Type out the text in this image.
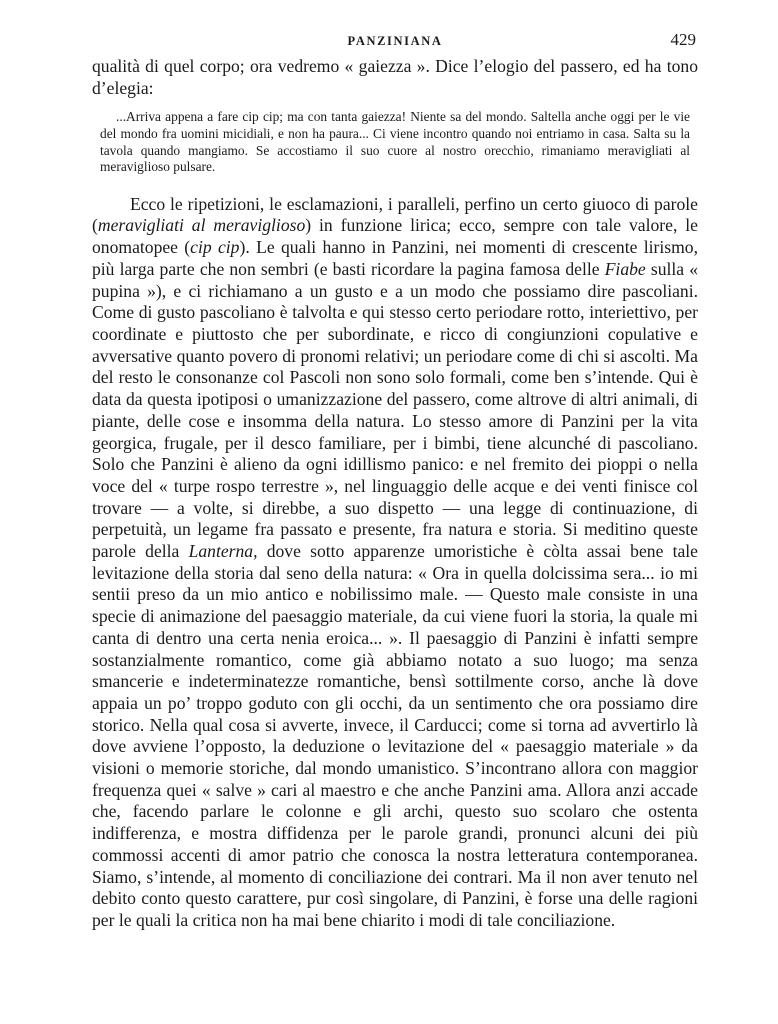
PANZINIANA	429

qualità di quel corpo; ora vedremo « gaiezza ». Dice l’elogio del passero, ed ha tono d’elegia:

...Arriva appena a fare cip cip; ma con tanta gaiezza! Niente sa del mondo. Saltella anche oggi per le vie del mondo fra uomini micidiali, e non ha paura... Ci viene incontro quando noi entriamo in casa. Salta su la tavola quando mangiamo. Se accostiamo il suo cuore al nostro orecchio, rimaniamo meravigliati al meraviglioso pulsare.

Ecco le ripetizioni, le esclamazioni, i paralleli, perfino un certo giuoco di parole (meravigliati al meraviglioso) in funzione lirica; ecco, sempre con tale valore, le onomatopee (cip cip). Le quali hanno in Panzini, nei momenti di crescente lirismo, più larga parte che non sembri (e basti ricordare la pagina famosa delle Fiabe sulla « pupina »), e ci richiamano a un gusto e a un modo che possiamo dire pascoliani. Come di gusto pascoliano è talvolta e qui stesso certo periodare rotto, interiettivo, per coordinate e piuttosto che per subordinate, e ricco di congiunzioni copulative e avversative quanto povero di pronomi relativi; un periodare come di chi si ascolti. Ma del resto le consonanze col Pascoli non sono solo formali, come ben s’intende. Qui è data da questa ipotiposi o umanizzazione del passero, come altrove di altri animali, di piante, delle cose e insomma della natura. Lo stesso amore di Panzini per la vita georgica, frugale, per il desco familiare, per i bimbi, tiene alcunché di pascoliano. Solo che Panzini è alieno da ogni idillismo panico: e nel fremito dei pioppi o nella voce del « turpe rospo terrestre », nel linguaggio delle acque e dei venti finisce col trovare — a volte, si direbbe, a suo dispetto — una legge di continuazione, di perpetuità, un legame fra passato e presente, fra natura e storia. Si meditino queste parole della Lanterna, dove sotto apparenze umoristiche è còlta assai bene tale levitazione della storia dal seno della natura: « Ora in quella dolcissima sera... io mi sentii preso da un mio antico e nobilissimo male. — Questo male consiste in una specie di animazione del paesaggio materiale, da cui viene fuori la storia, la quale mi canta di dentro una certa nenia eroica... ». Il paesaggio di Panzini è infatti sempre sostanzialmente romantico, come già abbiamo notato a suo luogo; ma senza smancerie e indeterminatezze romantiche, bensì sottilmente corso, anche là dove appaia un po’ troppo goduto con gli occhi, da un sentimento che ora possiamo dire storico. Nella qual cosa si avverte, invece, il Carducci; come si torna ad avvertirlo là dove avviene l’opposto, la deduzione o levitazione del « paesaggio materiale » da visioni o memorie storiche, dal mondo umanistico. S’incontrano allora con maggior frequenza quei « salve » cari al maestro e che anche Panzini ama. Allora anzi accade che, facendo parlare le colonne e gli archi, questo suo scolaro che ostenta indifferenza, e mostra diffidenza per le parole grandi, pronunci alcuni dei più commossi accenti di amor patrio che conosca la nostra letteratura contemporanea. Siamo, s’intende, al momento di conciliazione dei contrari. Ma il non aver tenuto nel debito conto questo carattere, pur così singolare, di Panzini, è forse una delle ragioni per le quali la critica non ha mai bene chiarito i modi di tale conciliazione.
